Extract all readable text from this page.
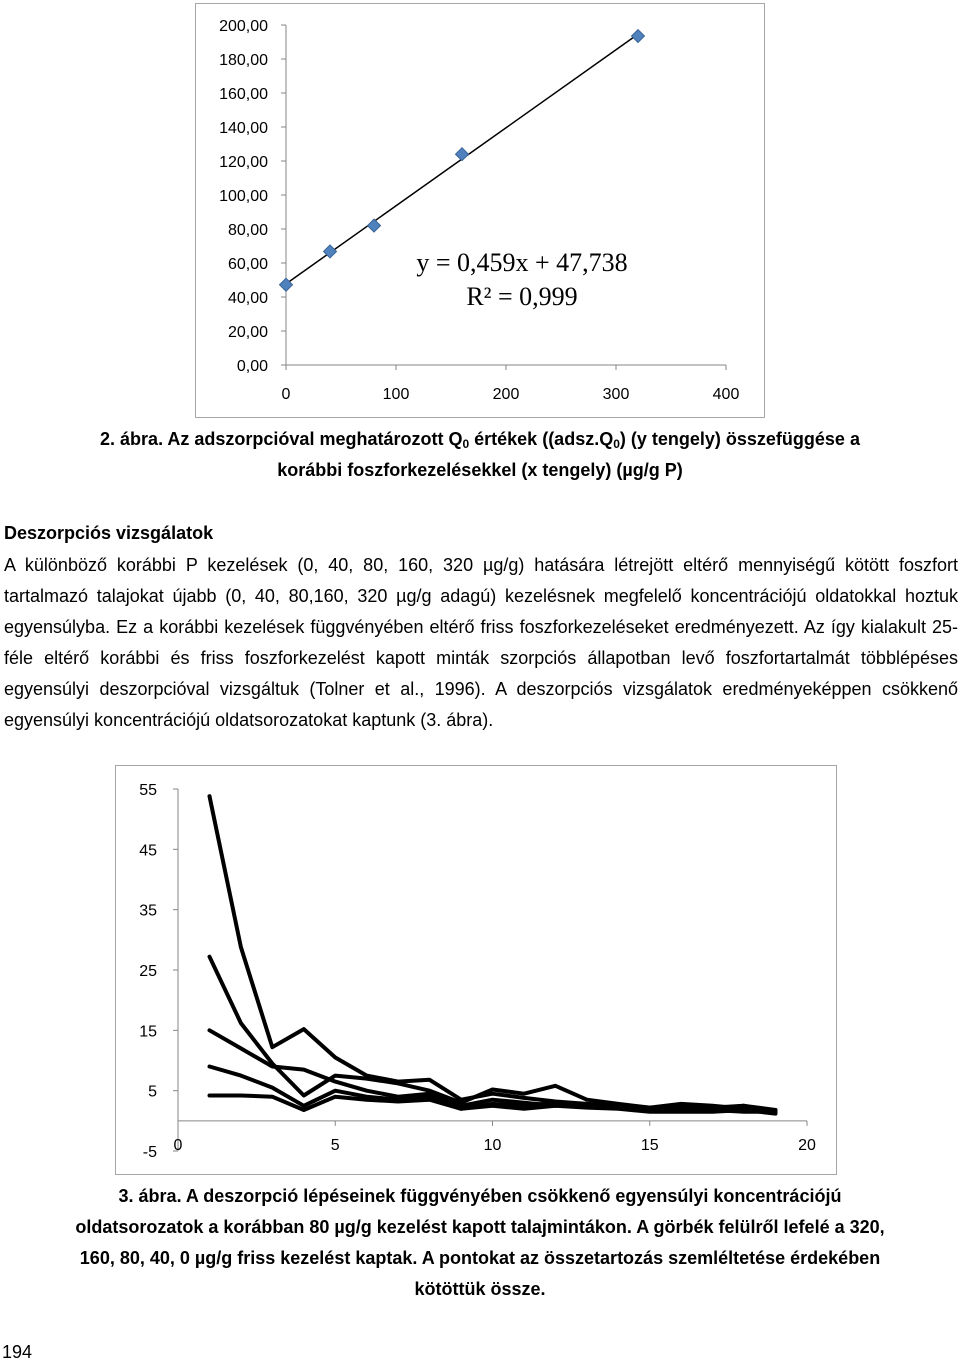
0,00
20,00
40,00
60,00
80,00
100,00
120,00
140,00
160,00
180,00
200,00
0	100	200	300	400
y = 0,459x + 47,738
R² = 0,999
2. ábra. Az adszorpcióval meghatározott $Q_0$ értékek ($(adsz.Q_0)$ (y tengely) összefüggése a
korábbi foszforkezelésekkel (x tengely) (µg/g P)
Deszorpciós vizsgálatok
A különböző korábbi P kezelések (0, 40, 80, 160, 320 µg/g) hatására létrejött eltérő mennyiségű kötött foszfort tartalmazó talajokat újabb (0, 40, 80,160, 320 µg/g adagú) kezelésnek megfelelő koncentrációjú oldatokkal hoztuk egyensúlyba. Ez a korábbi kezelések függvényében eltérő friss foszforkezeléseket eredményezett. Az így kialakult 25-féle eltérő korábbi és friss foszforkezelést kapott minták szorpciós állapotban levő foszfortartalmát többlépéses egyensúlyi deszorpcióval vizsgáltuk (Tolner et al., 1996). A deszorpciós vizsgálatok eredményeképpen csökkenő egyensúlyi koncentrációjú oldatsorozatokat kaptunk (3. ábra).
-5
5
15
25
35
45
55
0	5	10	15	20
3. ábra. A deszorpció lépéseinek függvényében csökkenő egyensúlyi koncentrációjú
oldatsorozatok a korábban 80 µg/g kezelést kapott talajmintákon. A görbék felülről lefelé a 320,
160, 80, 40, 0 µg/g friss kezelést kaptak. A pontokat az összetartozás szemléltetése érdekében
kötöttük össze.
194
